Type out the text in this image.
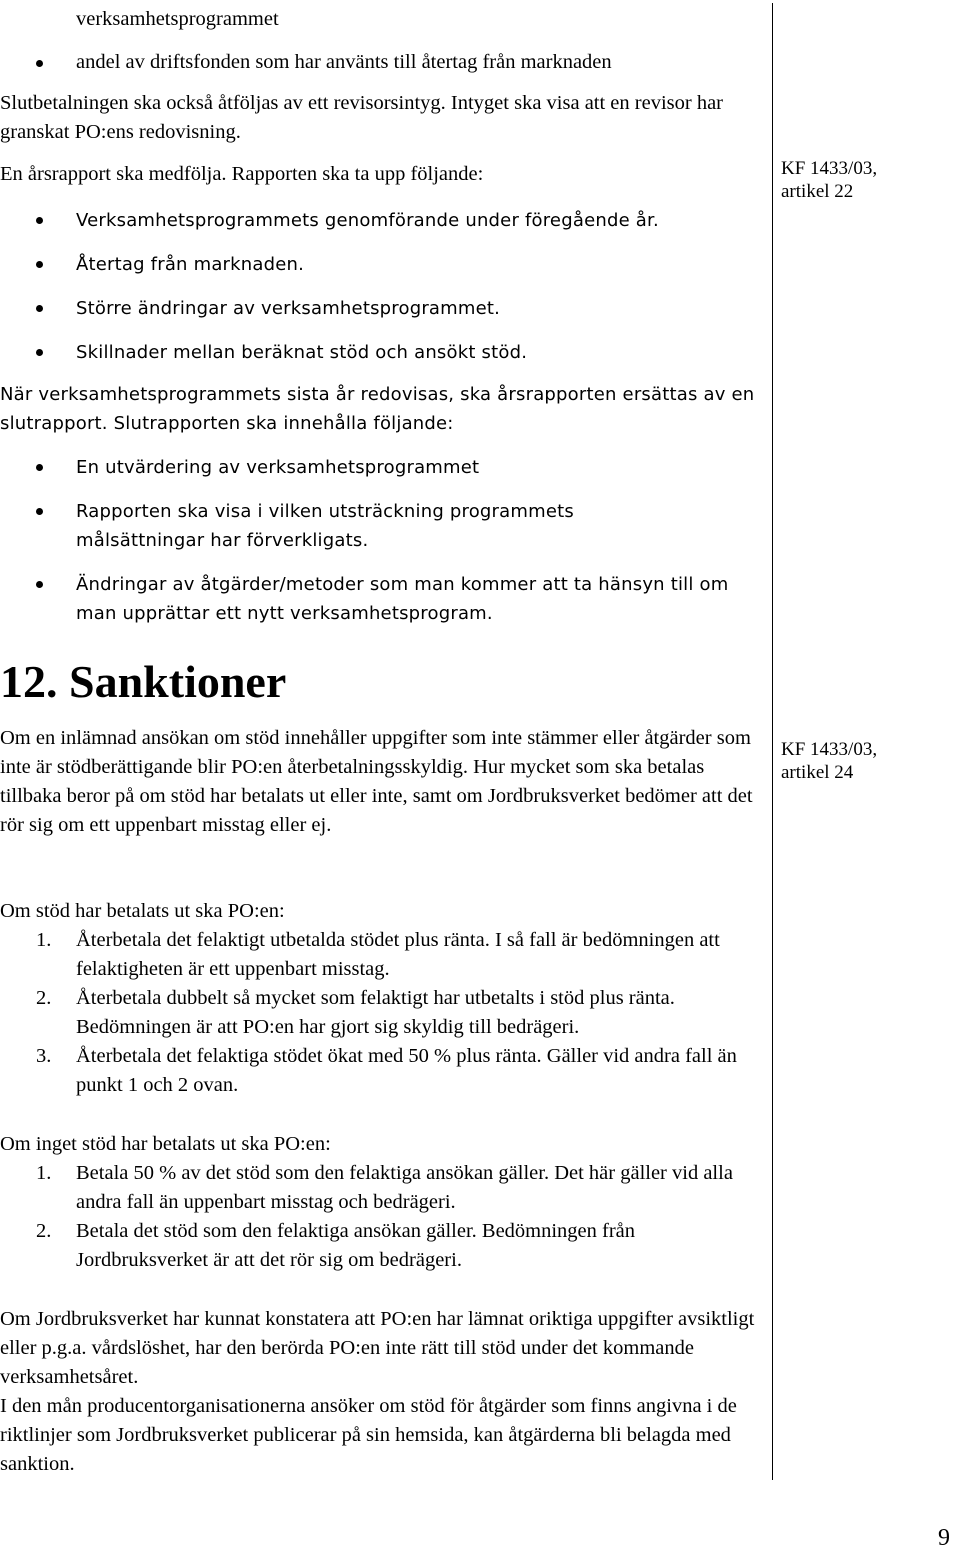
KF 1433/03,
artikel 22
KF 1433/03,
artikel 24

verksamhetsprogrammet

andel av driftsfonden som har använts till återtag från marknaden

Slutbetalningen ska också åtföljas av ett revisorsintyg. Intyget ska visa att en revisor har granskat PO:ens redovisning.

En årsrapport ska medfölja. Rapporten ska ta upp följande:

Verksamhetsprogrammets genomförande under föregående år.
Återtag från marknaden.
Större ändringar av verksamhetsprogrammet.
Skillnader mellan beräknat stöd och ansökt stöd.

När verksamhetsprogrammets sista år redovisas, ska årsrapporten ersättas av en slutrapport. Slutrapporten ska innehålla följande:

En utvärdering av verksamhetsprogrammet
Rapporten ska visa i vilken utsträckning programmets målsättningar har förverkligats.
Ändringar av åtgärder/metoder som man kommer att ta hänsyn till om man upprättar ett nytt verksamhetsprogram.
12. Sanktioner

Om en inlämnad ansökan om stöd innehåller uppgifter som inte stämmer eller åtgärder som inte är stödberättigande blir PO:en återbetalningsskyldig. Hur mycket som ska betalas tillbaka beror på om stöd har betalats ut eller inte, samt om Jordbruksverket bedömer att det rör sig om ett uppenbart misstag eller ej.

Om stöd har betalats ut ska PO:en:

1. Återbetala det felaktigt utbetalda stödet plus ränta. I så fall är bedömningen att felaktigheten är ett uppenbart misstag.
2. Återbetala dubbelt så mycket som felaktigt har utbetalts i stöd plus ränta. Bedömningen är att PO:en har gjort sig skyldig till bedrägeri.
3. Återbetala det felaktiga stödet ökat med 50 % plus ränta. Gäller vid andra fall än punkt 1 och 2 ovan.

Om inget stöd har betalats ut ska PO:en:

1. Betala 50 % av det stöd som den felaktiga ansökan gäller. Det här gäller vid alla andra fall än uppenbart misstag och bedrägeri.
2. Betala det stöd som den felaktiga ansökan gäller. Bedömningen från Jordbruksverket är att det rör sig om bedrägeri.

Om Jordbruksverket har kunnat konstatera att PO:en har lämnat oriktiga uppgifter avsiktligt eller p.g.a. vårdslöshet, har den berörda PO:en inte rätt till stöd under det kommande verksamhetsåret.

I den mån producentorganisationerna ansöker om stöd för åtgärder som finns angivna i de riktlinjer som Jordbruksverket publicerar på sin hemsida, kan åtgärderna bli belagda med sanktion.

9
